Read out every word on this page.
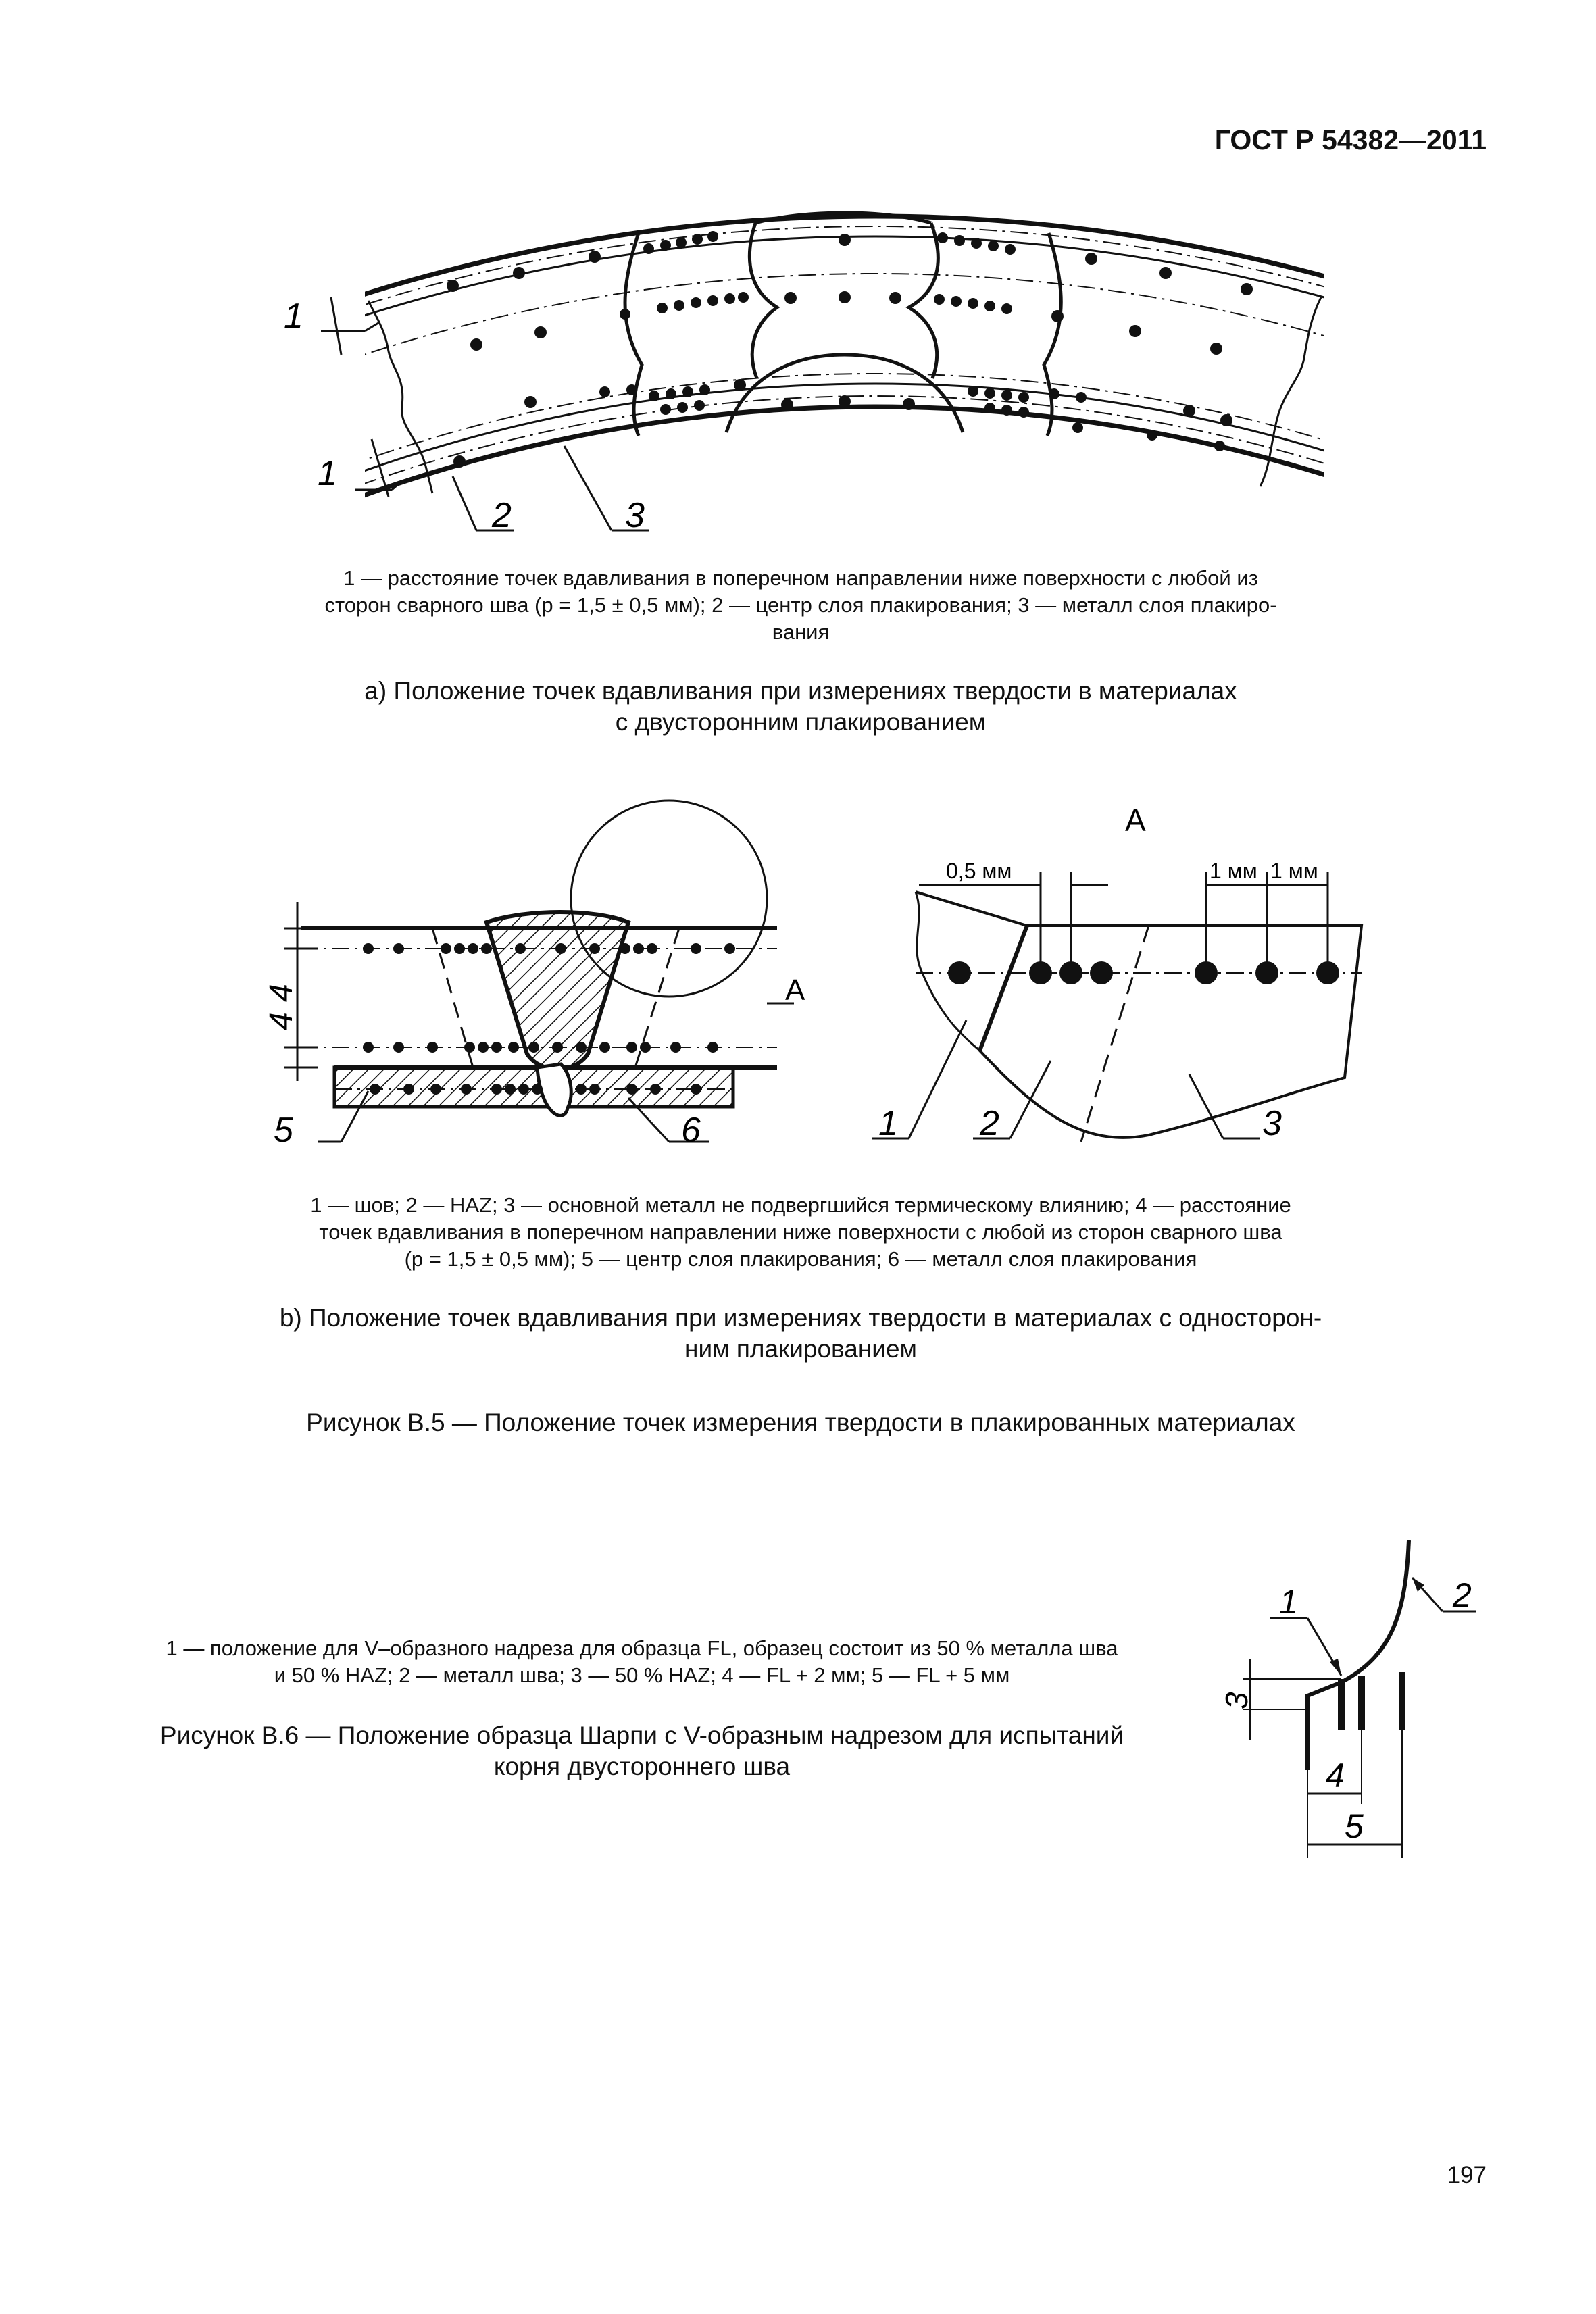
ГОСТ Р 54382—2011
1
1
2	3
1 — расстояние точек вдавливания в поперечном направлении ниже поверхности с любой из
сторон сварного шва (p = 1,5 ± 0,5 мм); 2 — центр слоя плакирования; 3 — металл слоя плакиро-
вания
a) Положение точек вдавливания при измерениях твердости в материалах
с двусторонним плакированием
A
4
4
5	6
A
0,5 мм	1 мм 1 мм
1 2	3
1 — шов; 2 — HAZ; 3 — основной металл не подвергшийся термическому влиянию; 4 — расстояние
точек вдавливания в поперечном направлении ниже поверхности с любой из сторон сварного шва
(p = 1,5 ± 0,5 мм); 5 — центр слоя плакирования; 6 — металл слоя плакирования
b) Положение точек вдавливания при измерениях твердости в материалах с односторон-
ним плакированием
Рисунок В.5 — Положение точек измерения твердости в плакированных материалах
1 — положение для V–образного надреза для образца FL, образец состоит из 50 % металла шва
и 50 % HAZ; 2 — металл шва; 3 — 50 % HAZ; 4 — FL + 2 мм; 5 — FL + 5 мм
Рисунок В.6 — Положение образца Шарпи с V-образным надрезом для испытаний
корня двустороннего шва
1	2
3
4
5
197
